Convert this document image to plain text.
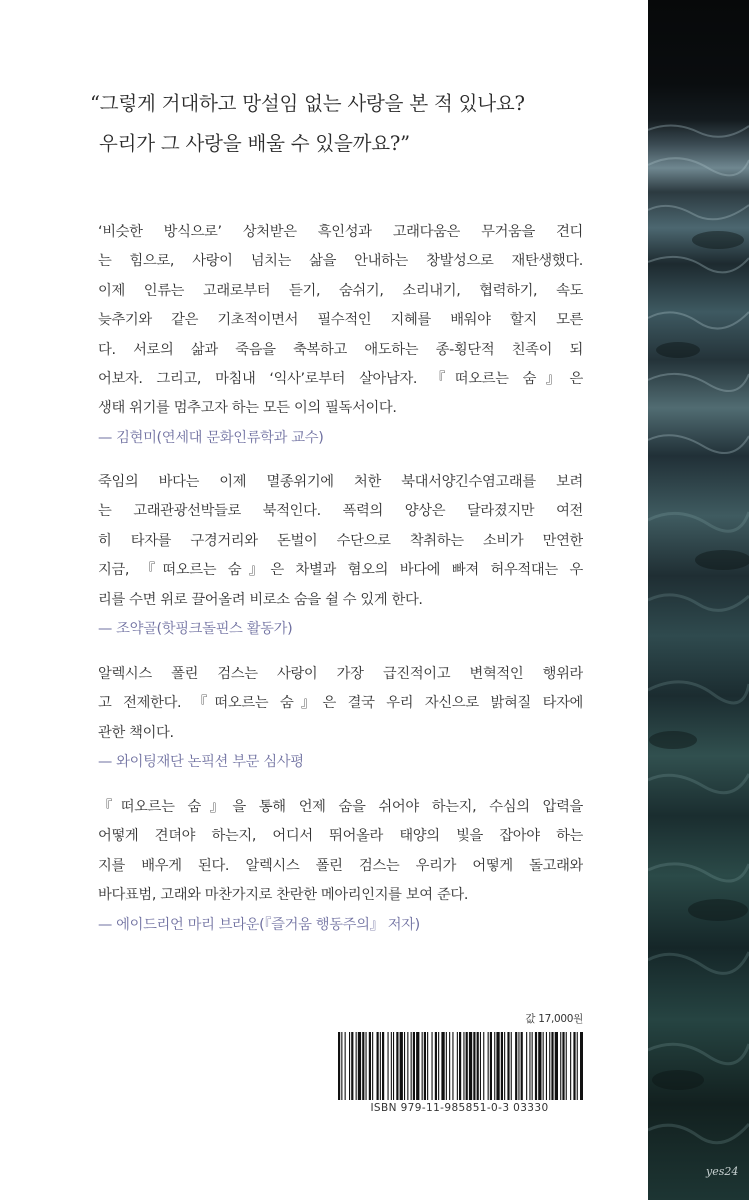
“그렇게 거대하고 망설임 없는 사랑을 본 적 있나요?
우리가 그 사랑을 배울 수 있을까요?”
‘비슷한 방식으로’ 상처받은 흑인성과 고래다움은 무거움을 견디
는 힘으로, 사랑이 넘치는 삶을 안내하는 창발성으로 재탄생했다.
이제 인류는 고래로부터 듣기, 숨쉬기, 소리내기, 협력하기, 속도
늦추기와 같은 기초적이면서 필수적인 지혜를 배워야 할지 모른
다. 서로의 삶과 죽음을 축복하고 애도하는 종-횡단적 친족이 되
어보자. 그리고, 마침내 ‘익사’로부터 살아남자. 『떠오르는 숨』은
생태 위기를 멈추고자 하는 모든 이의 필독서이다.
— 김현미(연세대 문화인류학과 교수)
죽임의 바다는 이제 멸종위기에 처한 북대서양긴수염고래를 보려
는 고래관광선박들로 북적인다. 폭력의 양상은 달라졌지만 여전
히 타자를 구경거리와 돈벌이 수단으로 착취하는 소비가 만연한
지금, 『떠오르는 숨』은 차별과 혐오의 바다에 빠져 허우적대는 우
리를 수면 위로 끌어올려 비로소 숨을 쉴 수 있게 한다.
— 조약골(핫핑크돌핀스 활동가)
알렉시스 폴린 검스는 사랑이 가장 급진적이고 변혁적인 행위라
고 전제한다. 『떠오르는 숨』은 결국 우리 자신으로 밝혀질 타자에
관한 책이다.
— 와이팅재단 논픽션 부문 심사평
『떠오르는 숨』을 통해 언제 숨을 쉬어야 하는지, 수심의 압력을
어떻게 견뎌야 하는지, 어디서 뛰어올라 태양의 빛을 잡아야 하는
지를 배우게 된다. 알렉시스 폴린 검스는 우리가 어떻게 돌고래와
바다표범, 고래와 마찬가지로 찬란한 메아리인지를 보여 준다.
— 에이드리언 마리 브라운(『즐거움 행동주의』 저자)
값 17,000원
ISBN 979-11-985851-0-3 03330
yes24
